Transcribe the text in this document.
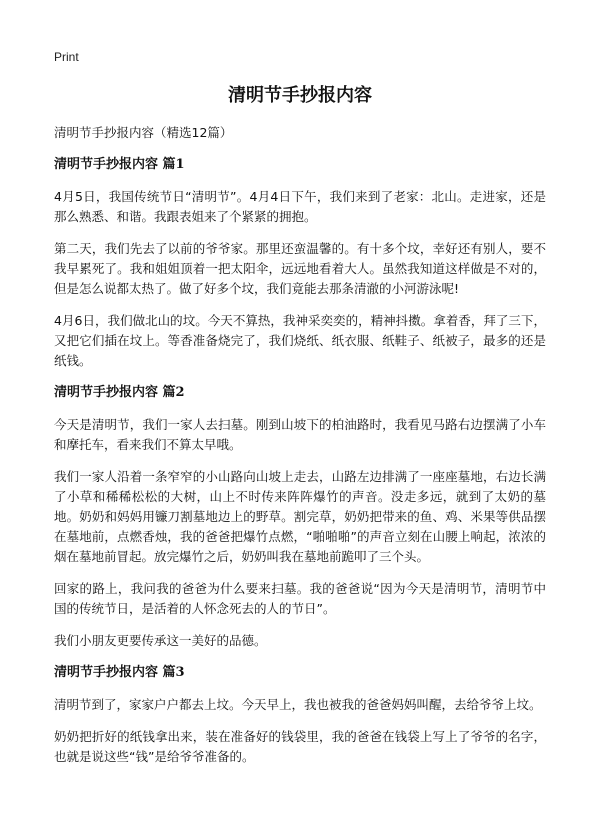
Print
清明节手抄报内容

清明节手抄报内容（精选12篇）

清明节手抄报内容 篇1

4月5日，我国传统节日“清明节”。4月4日下午，我们来到了老家：北山。走进家，还是那么熟悉、和谐。我跟表姐来了个紧紧的拥抱。

第二天，我们先去了以前的爷爷家。那里还蛮温馨的。有十多个坟，幸好还有别人，要不我早累死了。我和姐姐顶着一把太阳伞，远远地看着大人。虽然我知道这样做是不对的，但是怎么说都太热了。做了好多个坟，我们竟能去那条清澈的小河游泳呢!

4月6日，我们做北山的坟。今天不算热，我神采奕奕的，精神抖擞。拿着香，拜了三下，又把它们插在坟上。等香准备烧完了，我们烧纸、纸衣服、纸鞋子、纸被子，最多的还是纸钱。

清明节手抄报内容 篇2

今天是清明节，我们一家人去扫墓。刚到山坡下的柏油路时，我看见马路右边摆满了小车和摩托车，看来我们不算太早哦。

我们一家人沿着一条窄窄的小山路向山坡上走去，山路左边排满了一座座墓地，右边长满了小草和稀稀松松的大树，山上不时传来阵阵爆竹的声音。没走多远，就到了太奶的墓地。奶奶和妈妈用镰刀割墓地边上的野草。割完草，奶奶把带来的鱼、鸡、米果等供品摆在墓地前，点燃香烛，我的爸爸把爆竹点燃，“啪啪啪”的声音立刻在山腰上响起，浓浓的烟在墓地前冒起。放完爆竹之后，奶奶叫我在墓地前跪叩了三个头。

回家的路上，我问我的爸爸为什么要来扫墓。我的爸爸说“因为今天是清明节，清明节中国的传统节日，是活着的人怀念死去的人的节日”。

我们小朋友更要传承这一美好的品德。

清明节手抄报内容 篇3

清明节到了，家家户户都去上坟。今天早上，我也被我的爸爸妈妈叫醒，去给爷爷上坟。

奶奶把折好的纸钱拿出来，装在准备好的钱袋里，我的爸爸在钱袋上写上了爷爷的名字，也就是说这些“钱”是给爷爷准备的。
